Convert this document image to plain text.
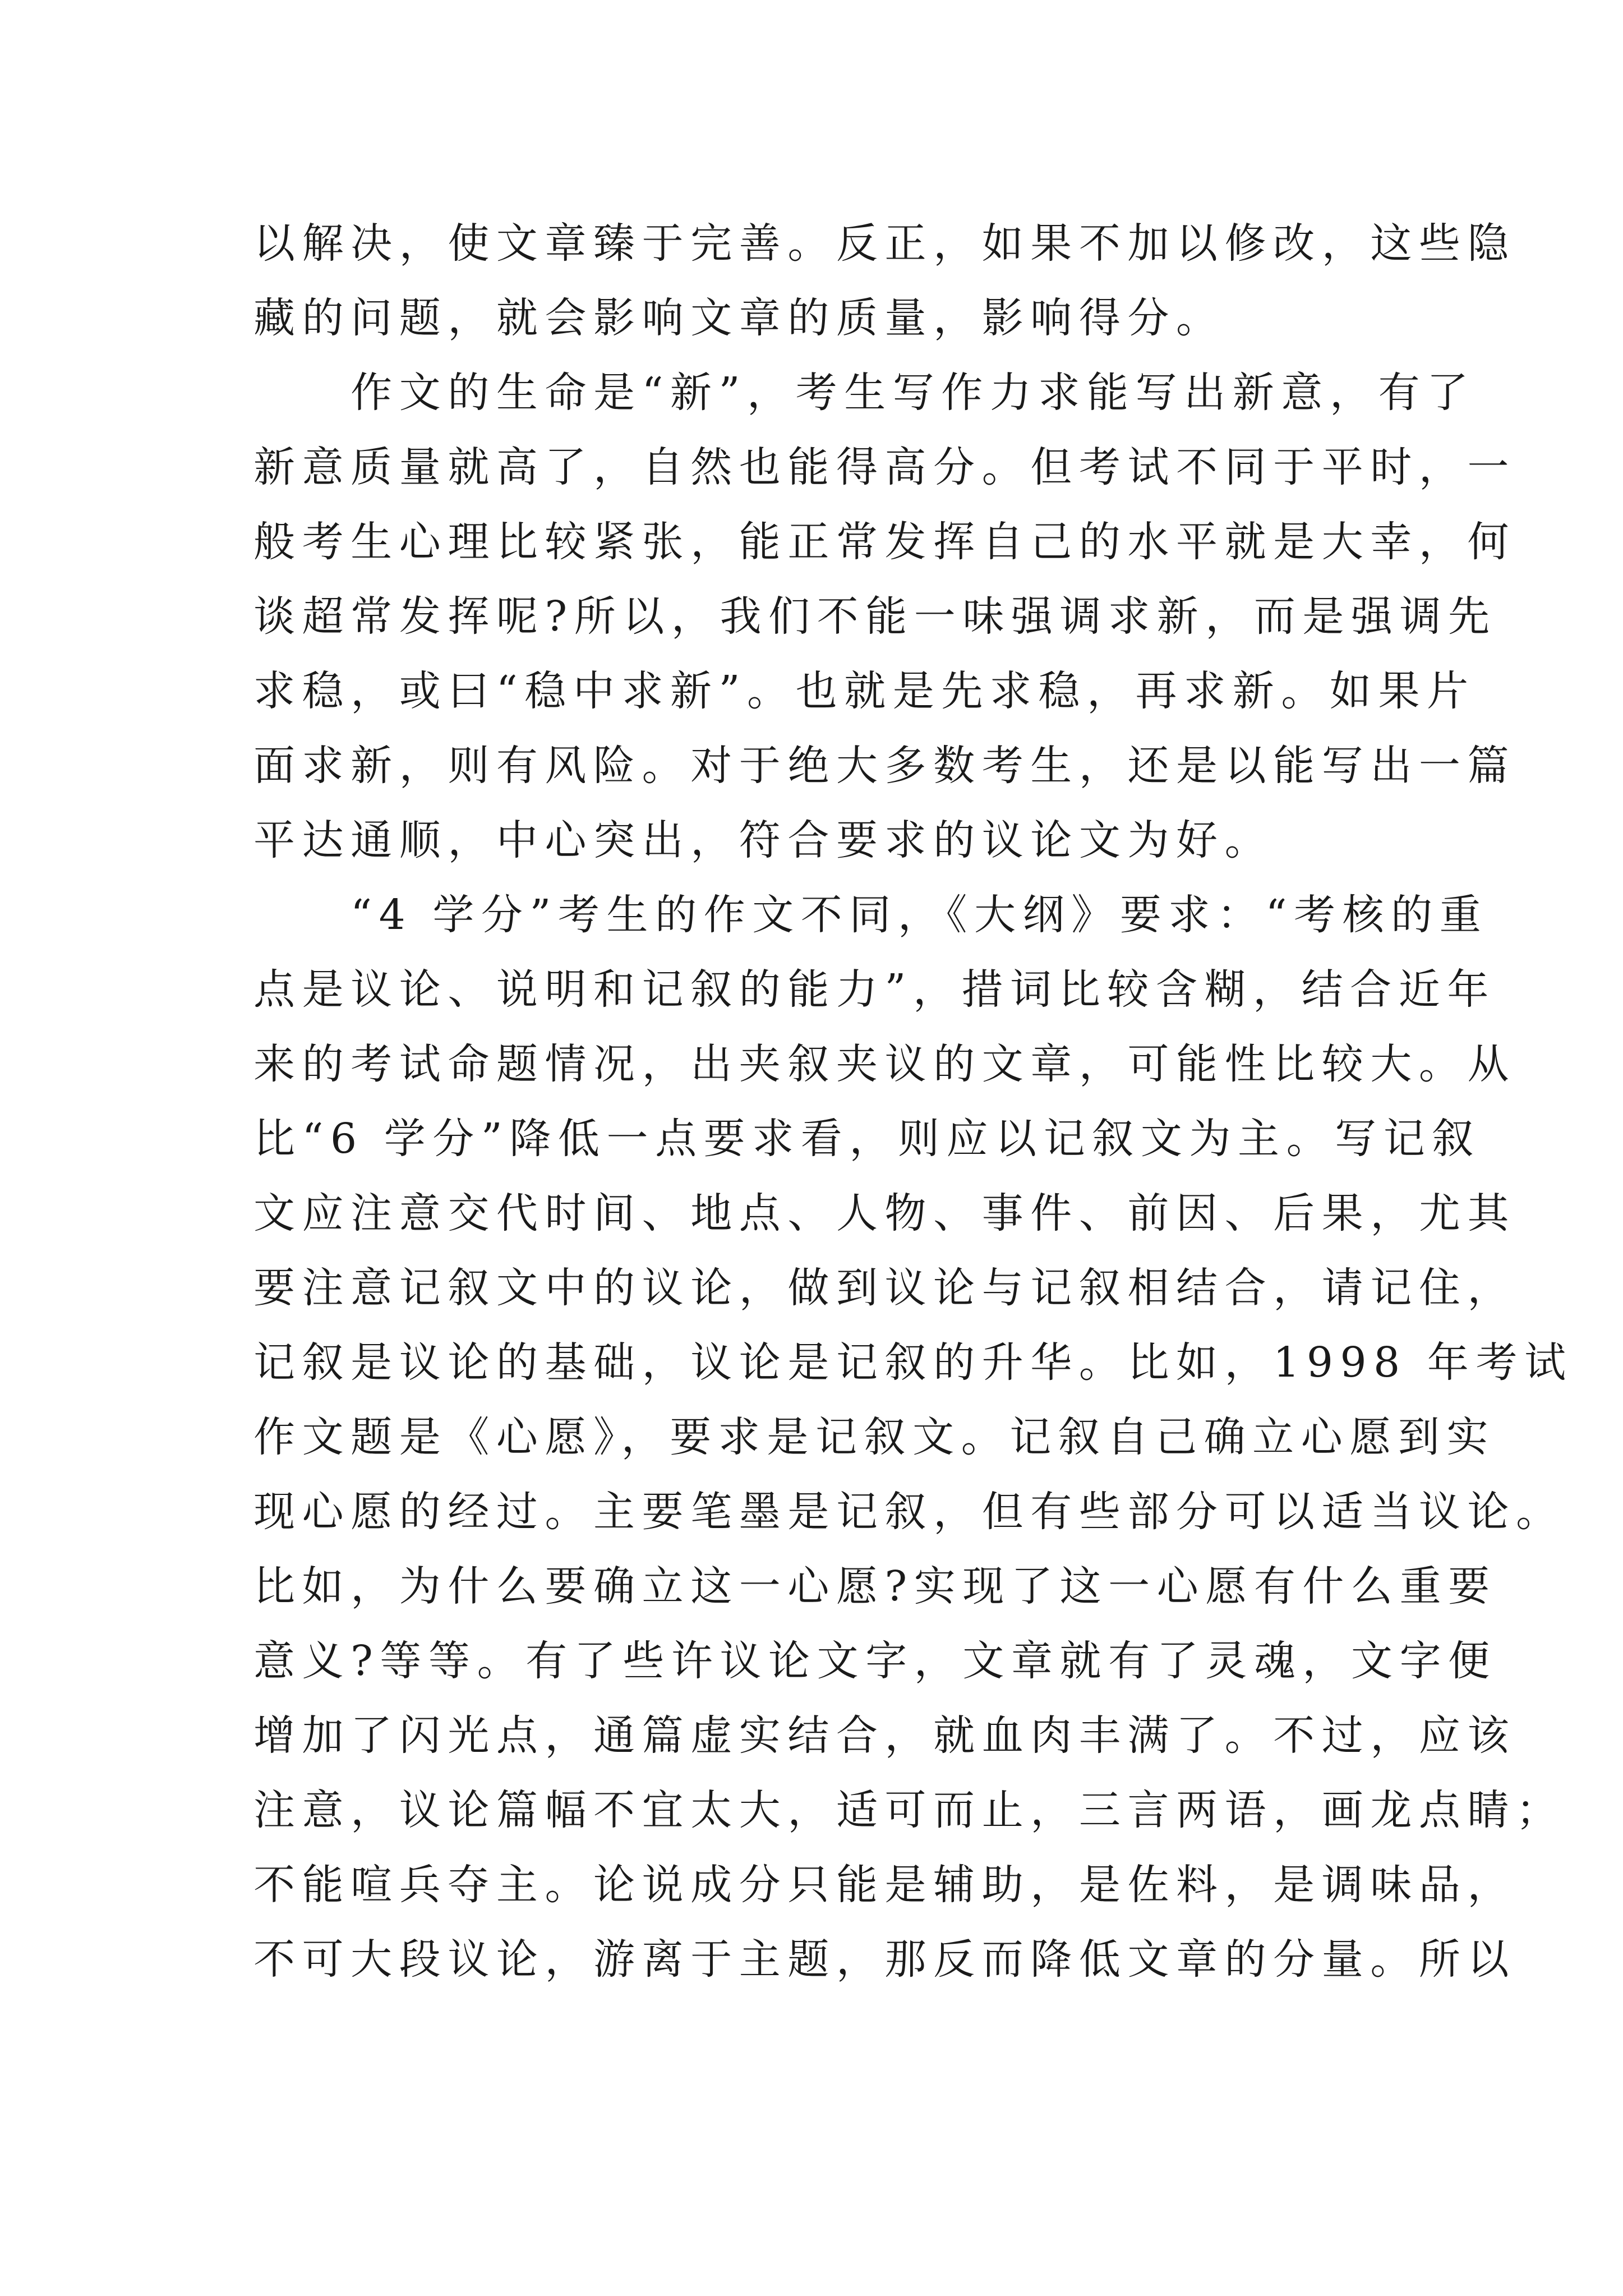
以解决，使文章臻于完善。反正，如果不加以修改，这些隐
藏的问题，就会影响文章的质量，影响得分。
　　作文的生命是“新”，考生写作力求能写出新意，有了
新意质量就高了，自然也能得高分。但考试不同于平时，一
般考生心理比较紧张，能正常发挥自己的水平就是大幸，何
谈超常发挥呢?所以，我们不能一味强调求新，而是强调先
求稳，或曰“稳中求新”。也就是先求稳，再求新。如果片
面求新，则有风险。对于绝大多数考生，还是以能写出一篇
平达通顺，中心突出，符合要求的议论文为好。
　　“4 学分”考生的作文不同，《大纲》要求：“考核的重
点是议论、说明和记叙的能力”，措词比较含糊，结合近年
来的考试命题情况，出夹叙夹议的文章，可能性比较大。从
比“6 学分”降低一点要求看，则应以记叙文为主。写记叙
文应注意交代时间、地点、人物、事件、前因、后果，尤其
要注意记叙文中的议论，做到议论与记叙相结合，请记住，
记叙是议论的基础，议论是记叙的升华。比如，1998 年考试
作文题是《心愿》，要求是记叙文。记叙自己确立心愿到实
现心愿的经过。主要笔墨是记叙，但有些部分可以适当议论。
比如，为什么要确立这一心愿?实现了这一心愿有什么重要
意义?等等。有了些许议论文字，文章就有了灵魂，文字便
增加了闪光点，通篇虚实结合，就血肉丰满了。不过，应该
注意，议论篇幅不宜太大，适可而止，三言两语，画龙点睛；
不能喧兵夺主。论说成分只能是辅助，是佐料，是调味品，
不可大段议论，游离于主题，那反而降低文章的分量。所以
